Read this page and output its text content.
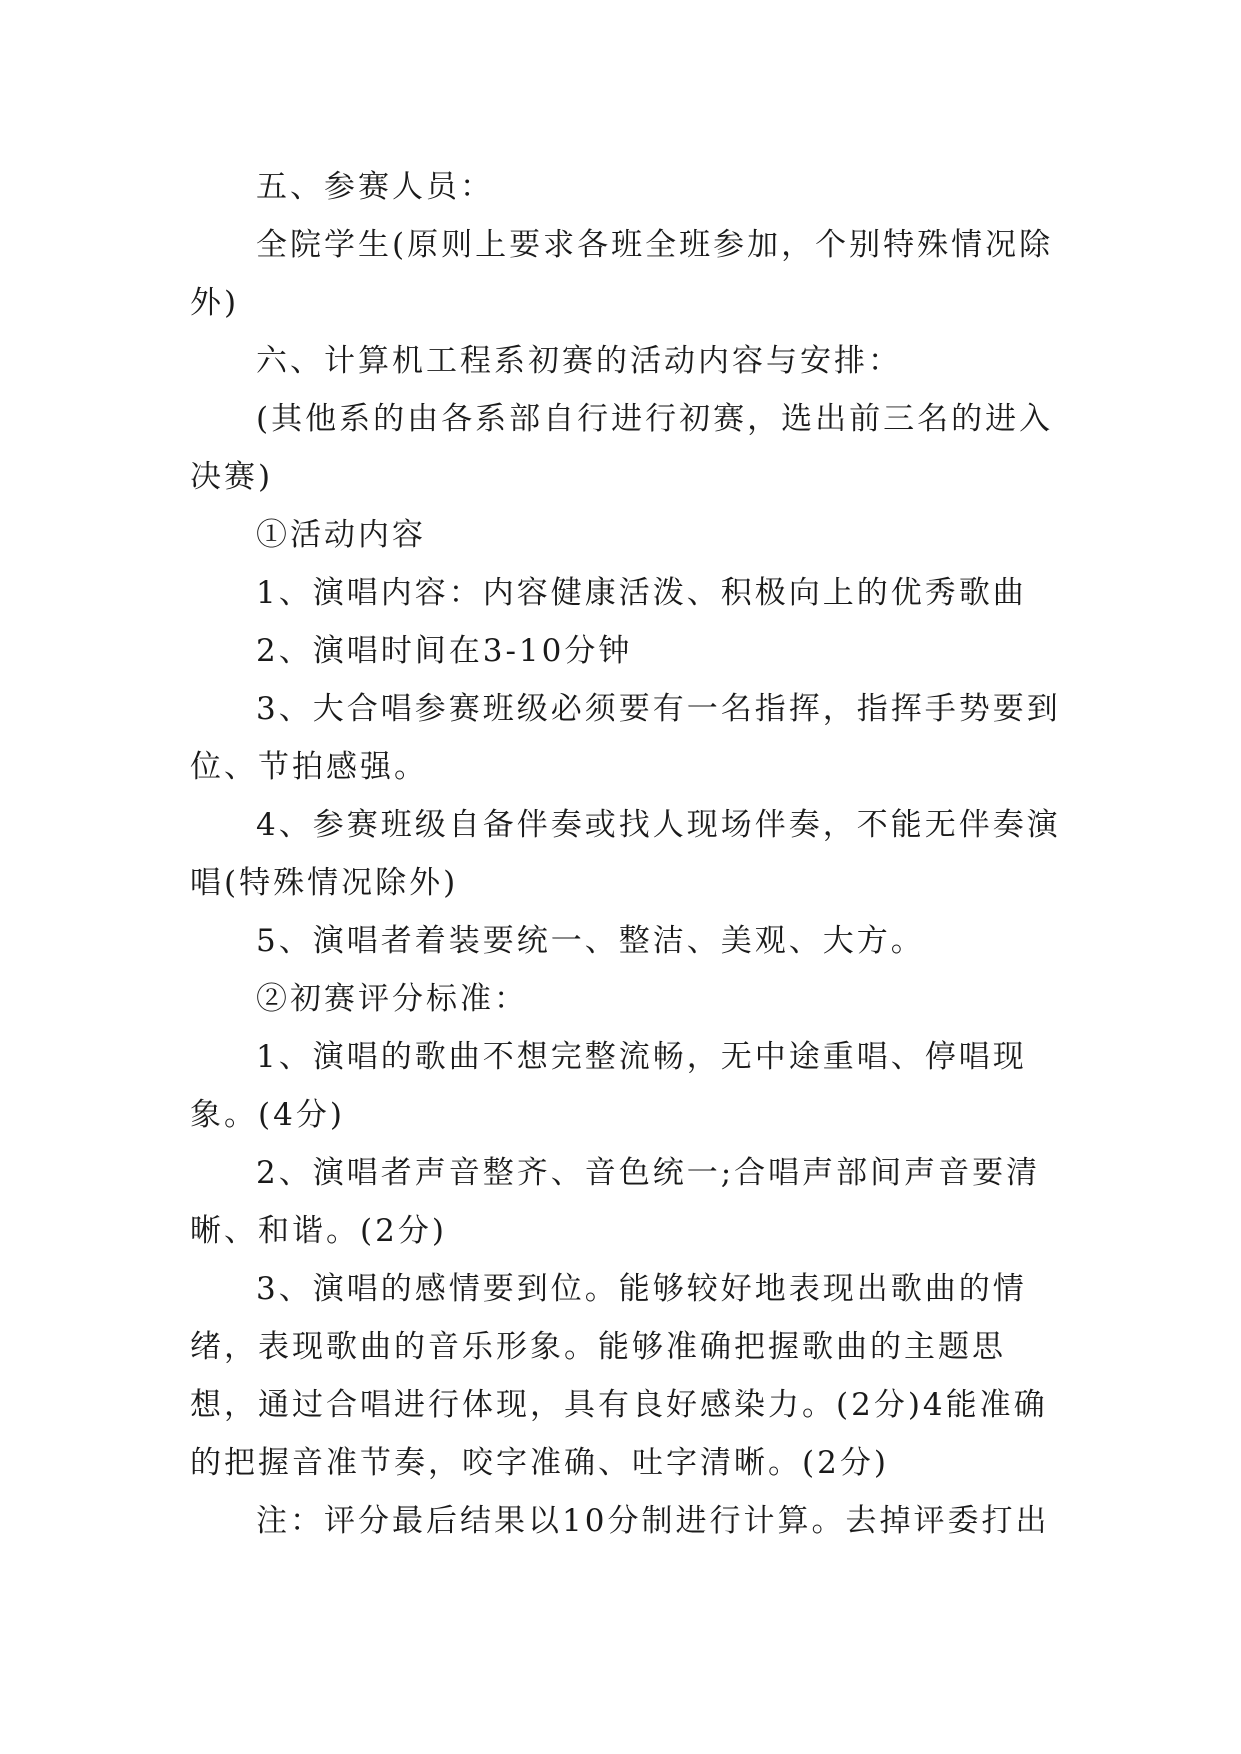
五、参赛人员：

全院学生(原则上要求各班全班参加，个别特殊情况除外)

六、计算机工程系初赛的活动内容与安排：

(其他系的由各系部自行进行初赛，选出前三名的进入决赛)

①活动内容

1、演唱内容：内容健康活泼、积极向上的优秀歌曲

2、演唱时间在3-10分钟

3、大合唱参赛班级必须要有一名指挥，指挥手势要到位、节拍感强。

4、参赛班级自备伴奏或找人现场伴奏，不能无伴奏演唱(特殊情况除外)

5、演唱者着装要统一、整洁、美观、大方。

②初赛评分标准：

1、演唱的歌曲不想完整流畅，无中途重唱、停唱现象。(4分)

2、演唱者声音整齐、音色统一;合唱声部间声音要清晰、和谐。(2分)

3、演唱的感情要到位。能够较好地表现出歌曲的情绪，表现歌曲的音乐形象。能够准确把握歌曲的主题思想，通过合唱进行体现，具有良好感染力。(2分)4能准确的把握音准节奏，咬字准确、吐字清晰。(2分)

注：评分最后结果以10分制进行计算。去掉评委打出
